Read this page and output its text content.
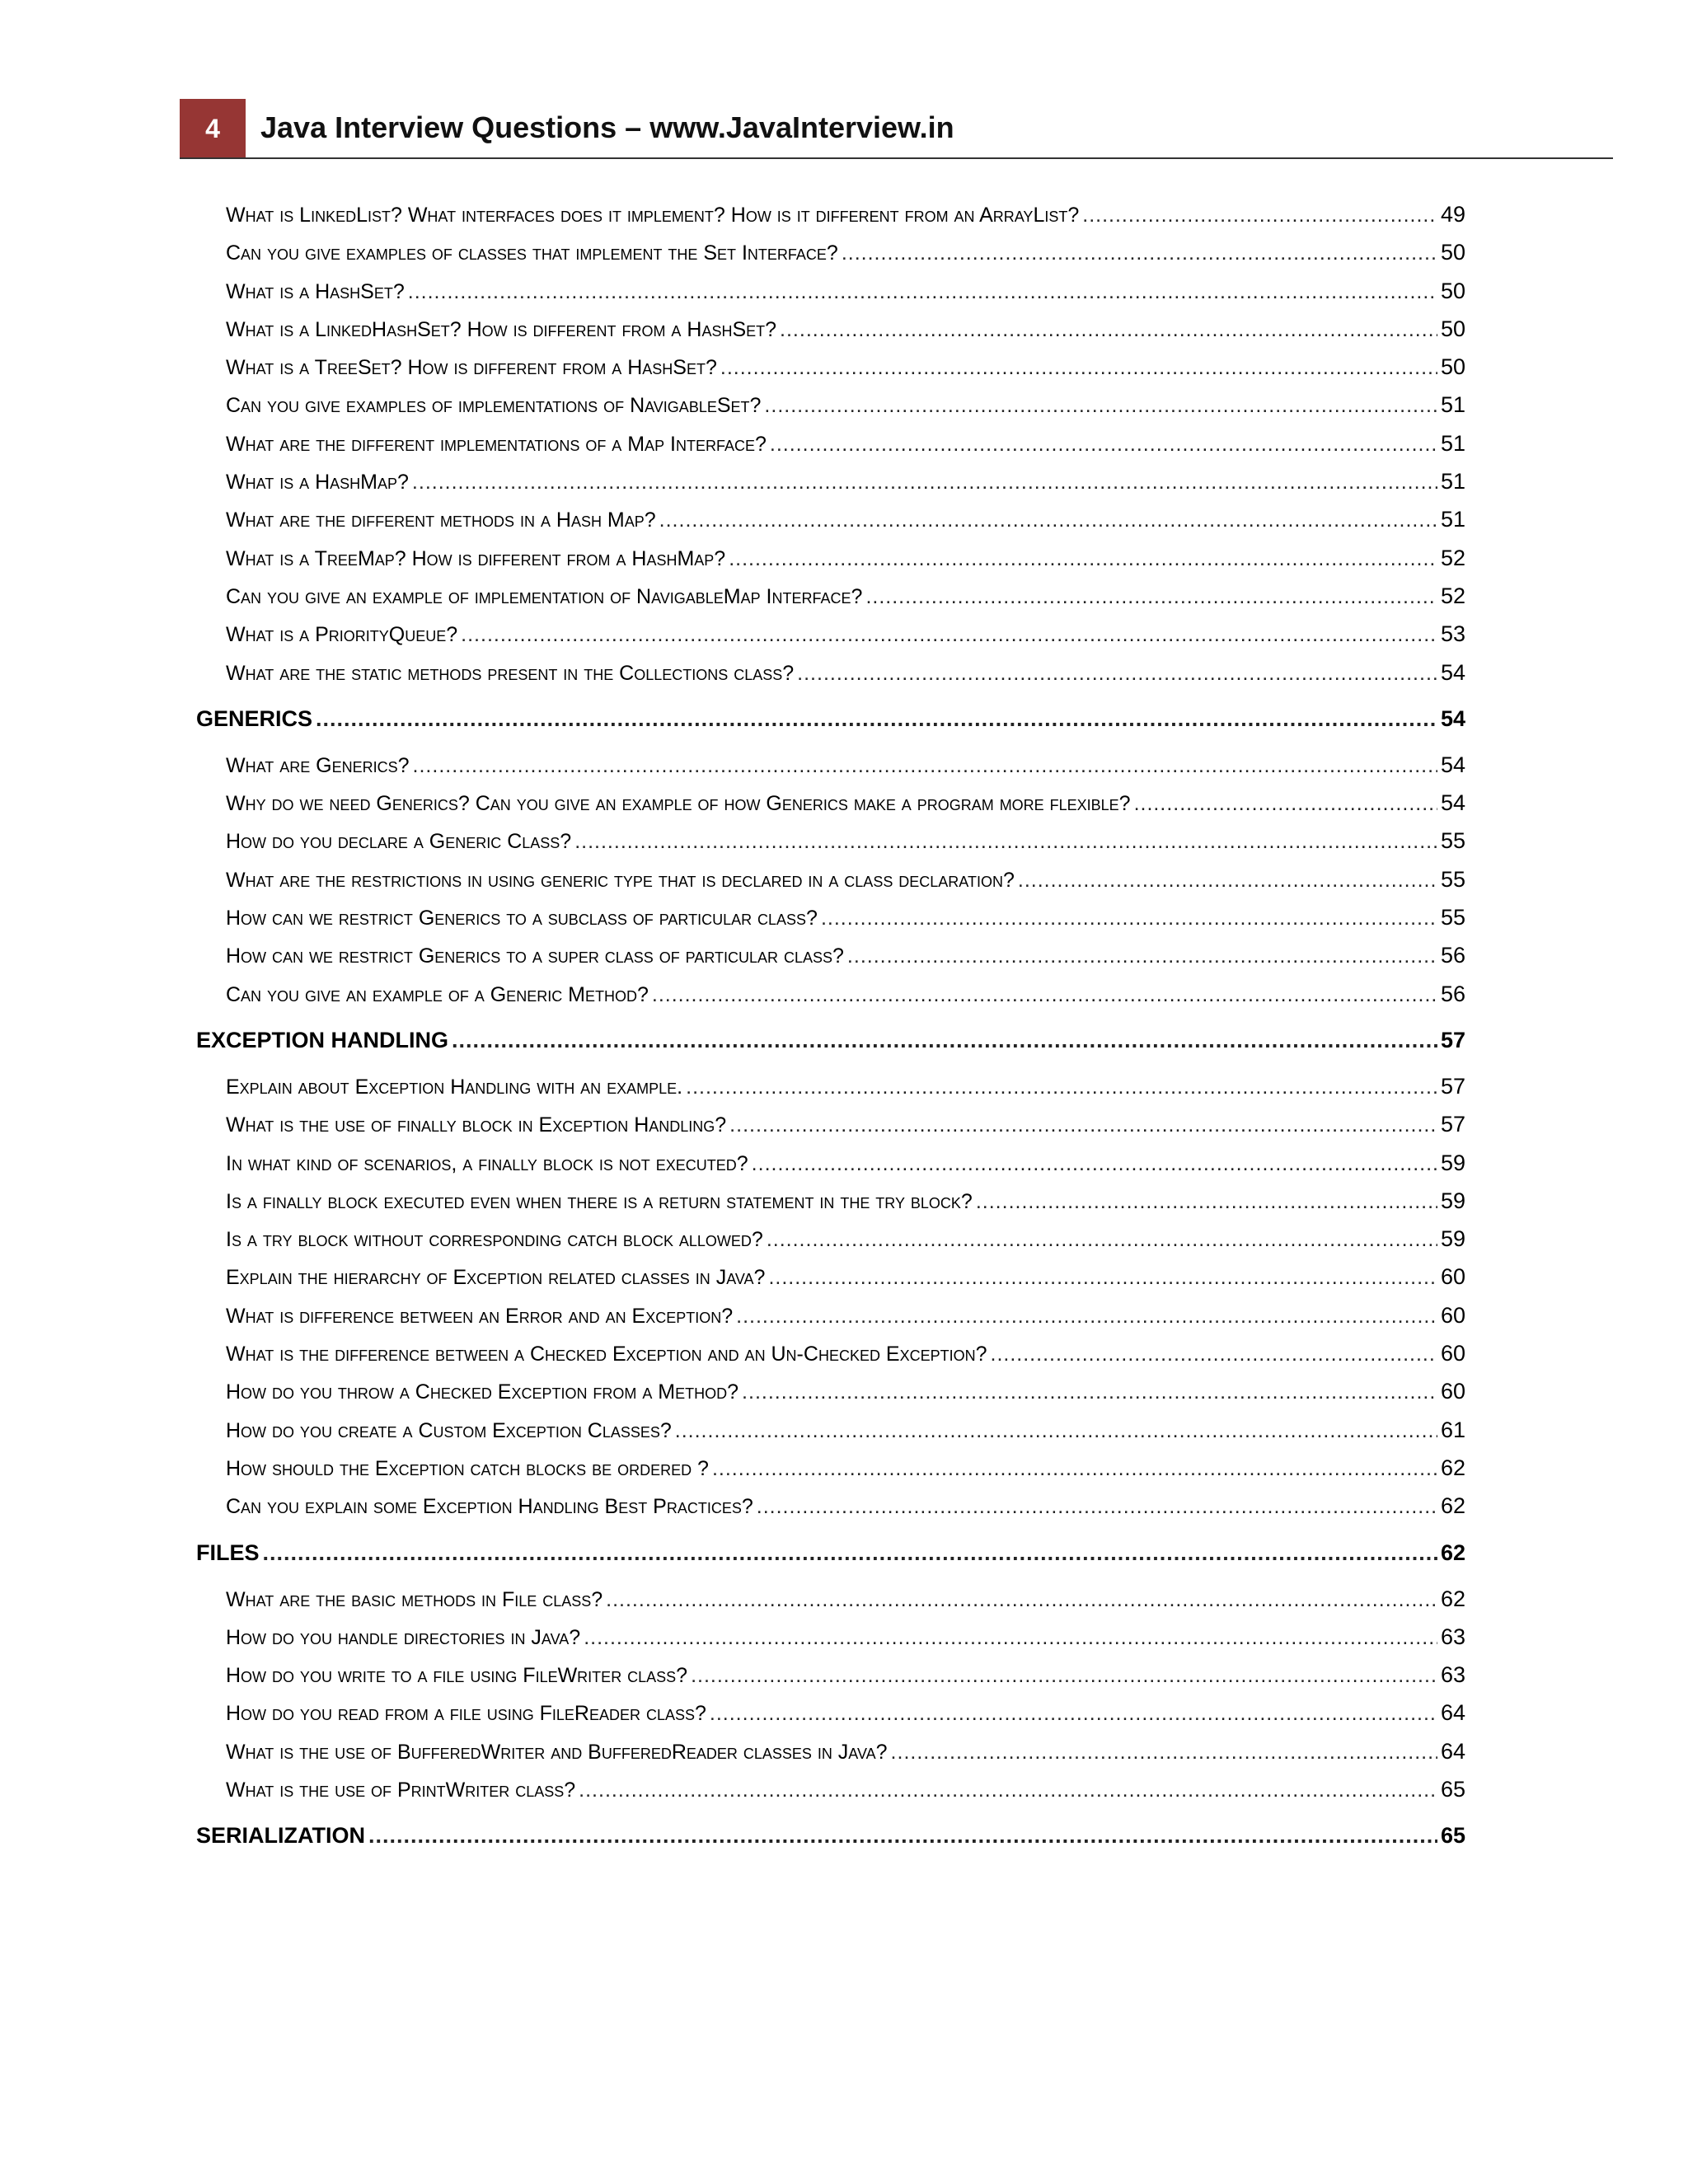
4 Java Interview Questions – www.JavaInterview.in
What is LinkedList? What interfaces does it implement? How is it different from an ArrayList? .....	49
Can you give examples of classes that implement the Set Interface? .....	50
What is a HashSet? .....	50
What is a LinkedHashSet? How is different from a HashSet? .....	50
What is a TreeSet? How is different from a HashSet? .....	50
Can you give examples of implementations of NavigableSet? .....	51
What are the different implementations of a Map Interface? .....	51
What is a HashMap? .....	51
What are the different methods in a Hash Map? .....	51
What is a TreeMap? How is different from a HashMap? .....	52
Can you give an example of implementation of NavigableMap Interface? .....	52
What is a PriorityQueue? .....	53
What are the static methods present in the Collections class? .....	54
GENERICS .....	54
What are Generics? .....	54
Why do we need Generics? Can you give an example of how Generics make a program more flexible? .....	54
How do you declare a Generic Class? .....	55
What are the restrictions in using generic type that is declared in a class declaration? .....	55
How can we restrict Generics to a subclass of particular class? .....	55
How can we restrict Generics to a super class of particular class? .....	56
Can you give an example of a Generic Method? .....	56
EXCEPTION HANDLING .....	57
Explain about Exception Handling with an example. .....	57
What is the use of finally block in Exception Handling? .....	57
In what kind of scenarios, a finally block is not executed? .....	59
Is a finally block executed even when there is a return statement in the try block? .....	59
Is a try block without corresponding catch block allowed? .....	59
Explain the hierarchy of Exception related classes in Java? .....	60
What is difference between an Error and an Exception? .....	60
What is the difference between a Checked Exception and an Un-Checked Exception? .....	60
How do you throw a Checked Exception from a Method? .....	60
How do you create a Custom Exception Classes? .....	61
How should the Exception catch blocks be ordered ? .....	62
Can you explain some Exception Handling Best Practices? .....	62
FILES .....	62
What are the basic methods in File class? .....	62
How do you handle directories in Java? .....	63
How do you write to a file using FileWriter class? .....	63
How do you read from a file using FileReader class? .....	64
What is the use of BufferedWriter and BufferedReader classes in Java? .....	64
What is the use of PrintWriter class? .....	65
SERIALIZATION .....	65
